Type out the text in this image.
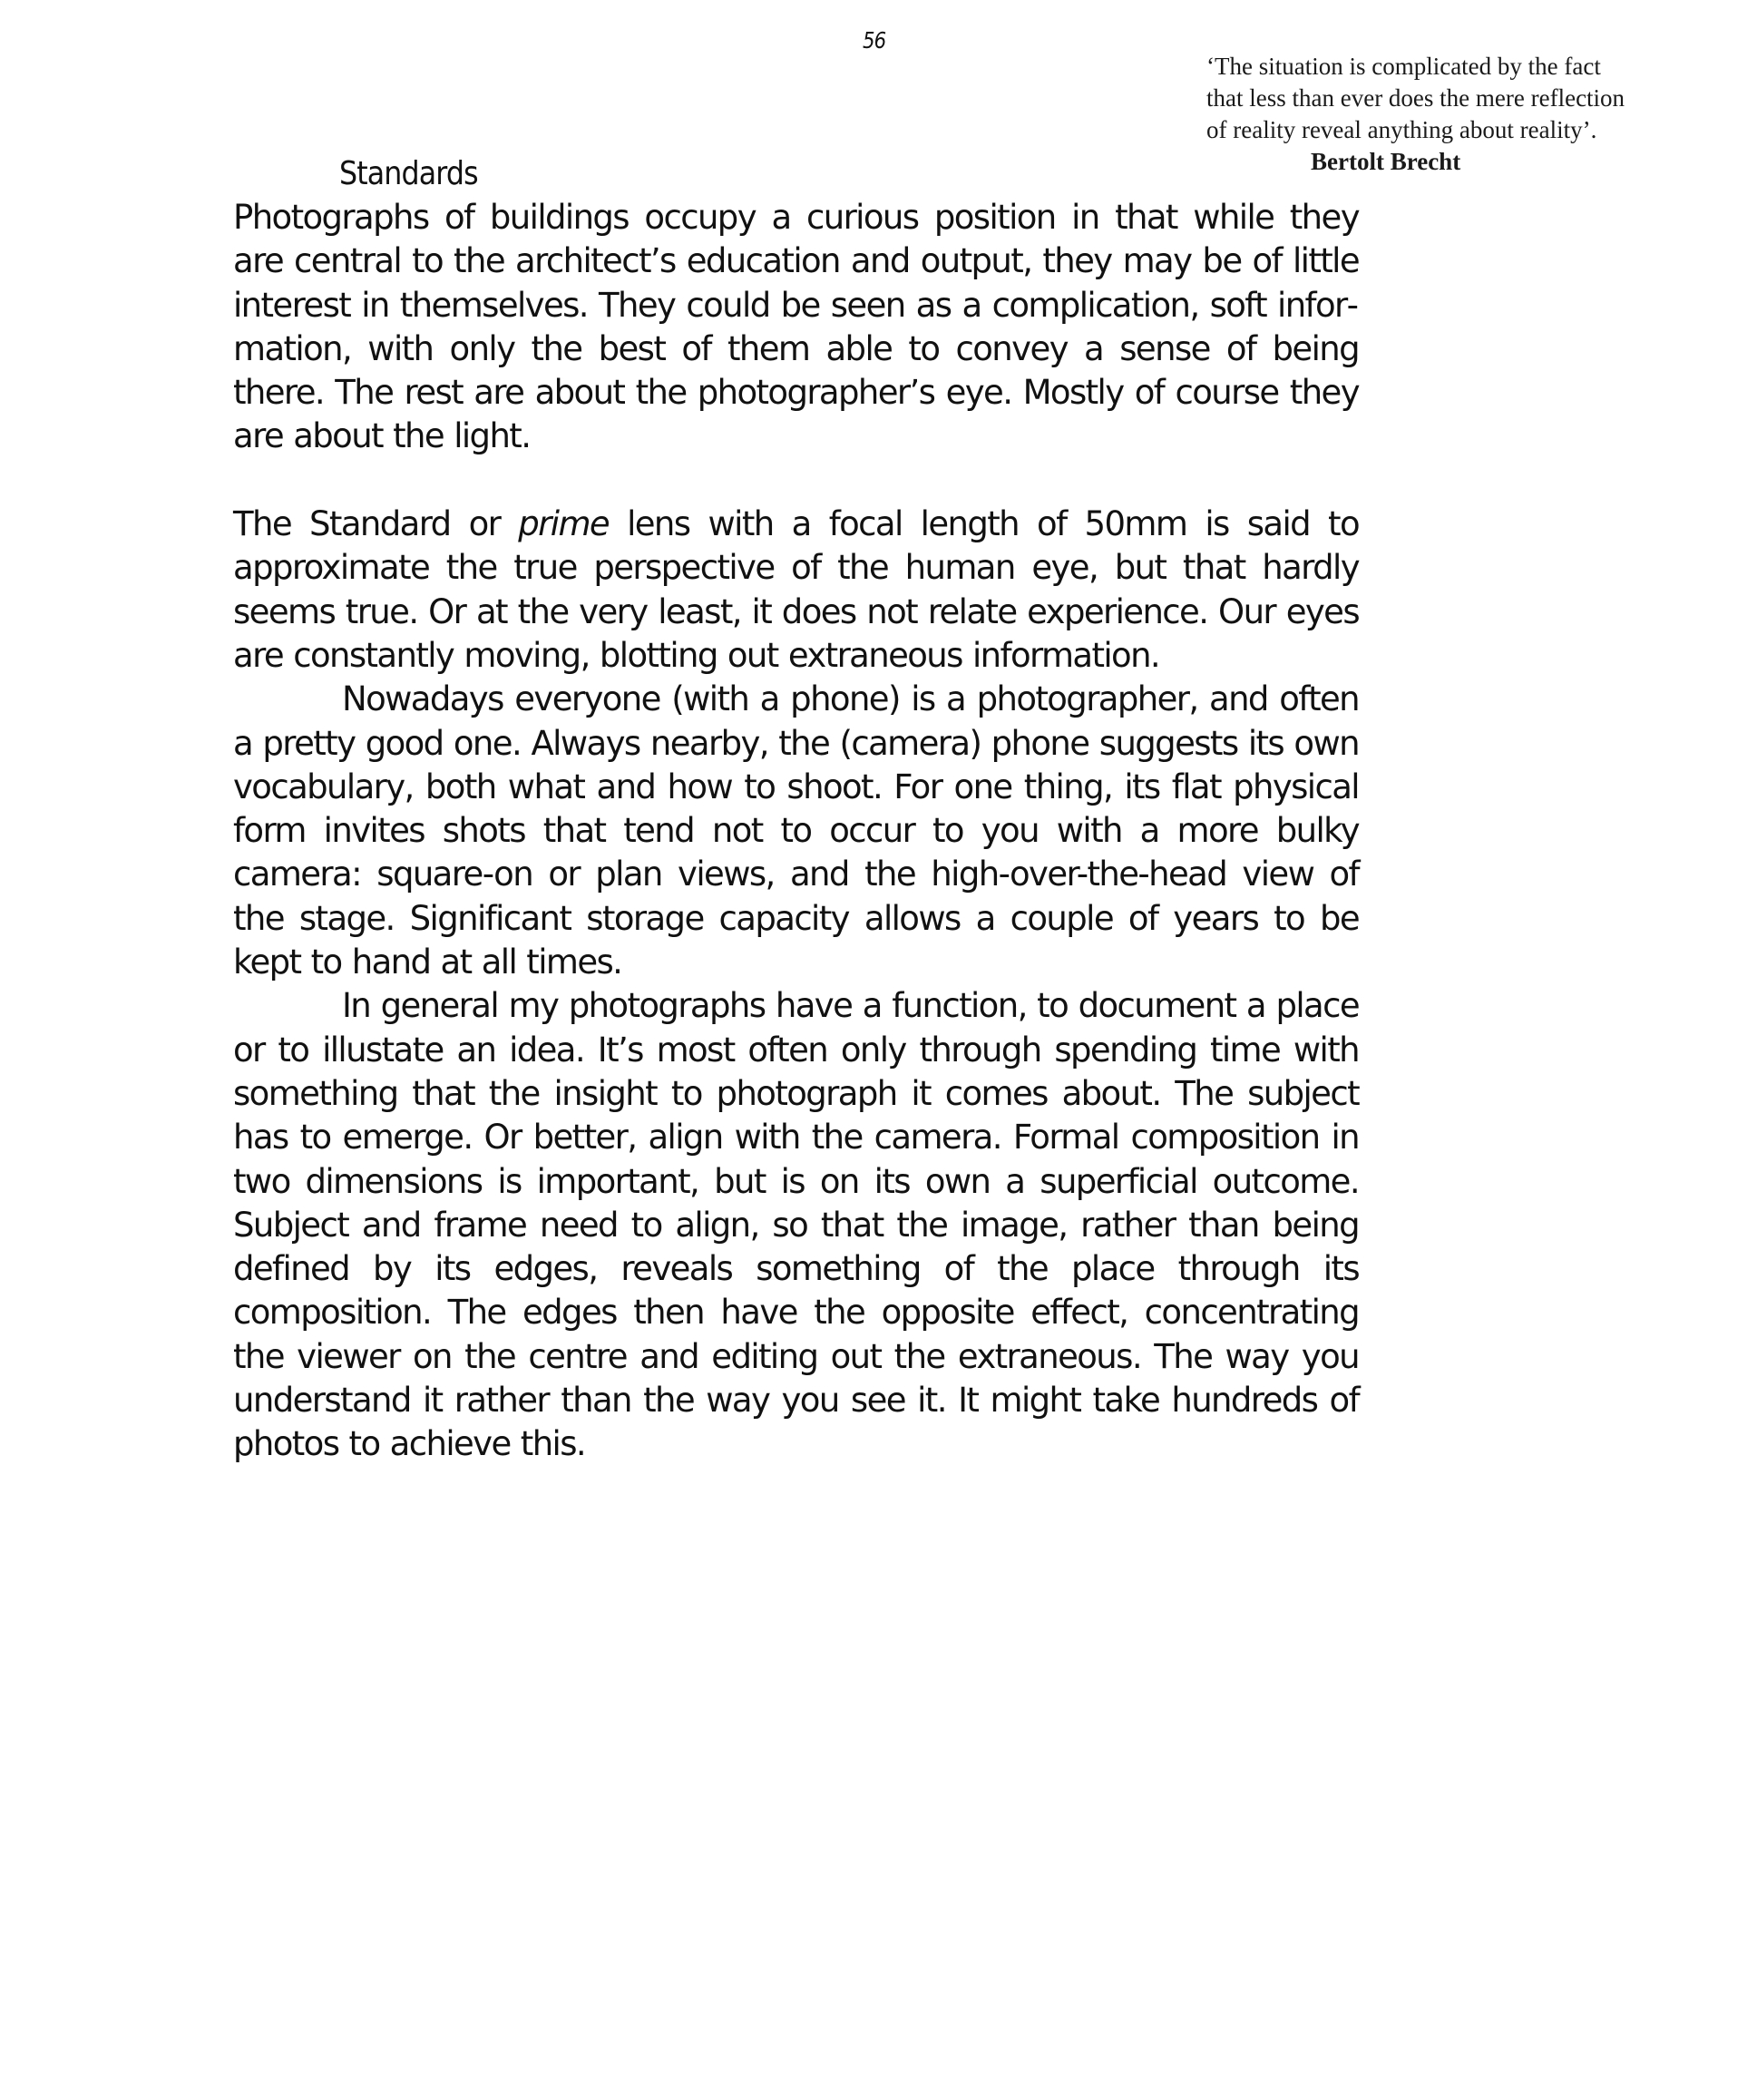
56
‘The situation is complicated by the fact
that less than ever does the mere reflection
of reality reveal anything about reality’.
Bertolt Brecht
Standards

Photographs of buildings occupy a curious position in that while they are central to the architect’s education and output, they may be of little interest in themselves. They could be seen as a complication, soft information, with only the best of them able to convey a sense of being there. The rest are about the photographer’s eye. Mostly of course they are about the light.

The Standard or prime lens with a focal length of 50mm is said to approximate the true perspective of the human eye, but that hardly seems true. Or at the very least, it does not relate experience. Our eyes are constantly moving, blotting out extraneous information.

Nowadays everyone (with a phone) is a photographer, and often a pretty good one. Always nearby, the (camera) phone suggests its own vocabulary, both what and how to shoot. For one thing, its flat physical form invites shots that tend not to occur to you with a more bulky camera: square-on or plan views, and the high-over-the-head view of the stage. Significant storage capacity allows a couple of years to be kept to hand at all times.

In general my photographs have a function, to document a place or to illustate an idea. It’s most often only through spending time with something that the insight to photograph it comes about. The subject has to emerge. Or better, align with the camera. Formal composition in two dimensions is important, but is on its own a superficial outcome. Subject and frame need to align, so that the image, rather than being defined by its edges, reveals something of the place through its composition. The edges then have the opposite effect, concentrating the viewer on the centre and editing out the extraneous. The way you understand it rather than the way you see it. It might take hundreds of photos to achieve this.
